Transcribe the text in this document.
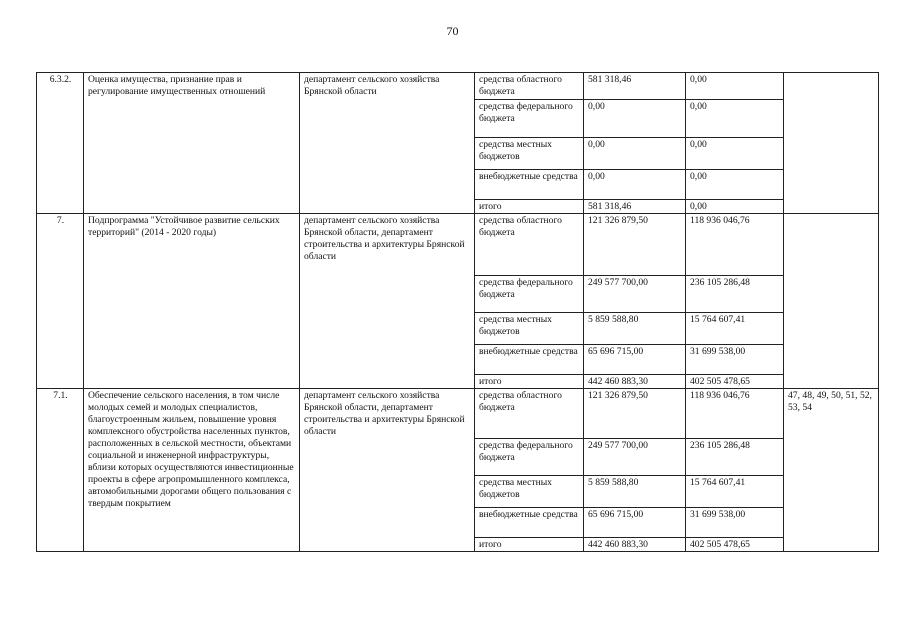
70
6.3.2.	Оценка имущества, признание прав и регулирование имущественных отношений	департамент сельского хозяйства Брянской области	средства областного бюджета	581 318,46	0,00	
			средства федерального бюджета	0,00	0,00	
			средства местных бюджетов	0,00	0,00	
			внебюджетные средства	0,00	0,00	
			итого	581 318,46	0,00	
7.	Подпрограмма "Устойчивое развитие сельских территорий" (2014 - 2020 годы)	департамент сельского хозяйства Брянской области, департамент строительства и архитектуры Брянской области	средства областного бюджета	121 326 879,50	118 936 046,76	
			средства федерального бюджета	249 577 700,00	236 105 286,48	
			средства местных бюджетов	5 859 588,80	15 764 607,41	
			внебюджетные средства	65 696 715,00	31 699 538,00	
			итого	442 460 883,30	402 505 478,65	
7.1.	Обеспечение сельского населения, в том числе молодых семей и молодых специалистов, благоустроенным жильем, повышение уровня комплексного обустройства населенных пунктов, расположенных в сельской местности, объектами социальной и инженерной инфраструктуры, вблизи которых осуществляются инвестиционные проекты в сфере агропромышленного комплекса, автомобильными дорогами общего пользования с твердым покрытием	департамент сельского хозяйства Брянской области, департамент строительства и архитектуры Брянской области	средства областного бюджета	121 326 879,50	118 936 046,76	47, 48, 49, 50, 51, 52, 53, 54
			средства федерального бюджета	249 577 700,00	236 105 286,48	
			средства местных бюджетов	5 859 588,80	15 764 607,41	
			внебюджетные средства	65 696 715,00	31 699 538,00	
			итого	442 460 883,30	402 505 478,65	
